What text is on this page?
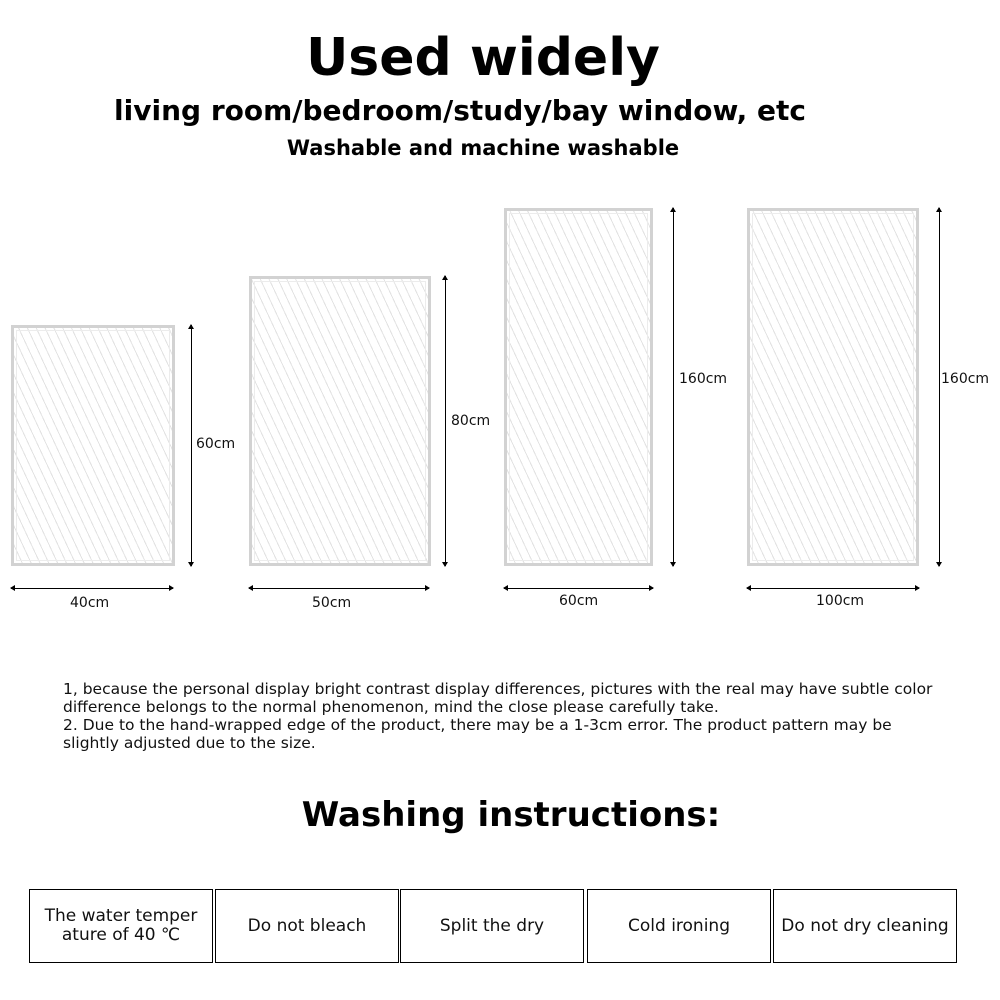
Used widely
living room/bedroom/study/bay window, etc
Washable and machine washable
60cm
40cm
80cm
50cm
160cm
60cm
160cm
100cm

1, because the personal display bright contrast display differences, pictures with the real may have subtle color difference belongs to the normal phenomenon, mind the close please carefully take.

2. Due to the hand-wrapped edge of the product, there may be a 1-3cm error. The product pattern may be slightly adjusted due to the size.

Washing instructions:
The water temper ature of 40 ℃	Do not bleach	Split the dry	Cold ironing	Do not dry cleaning
